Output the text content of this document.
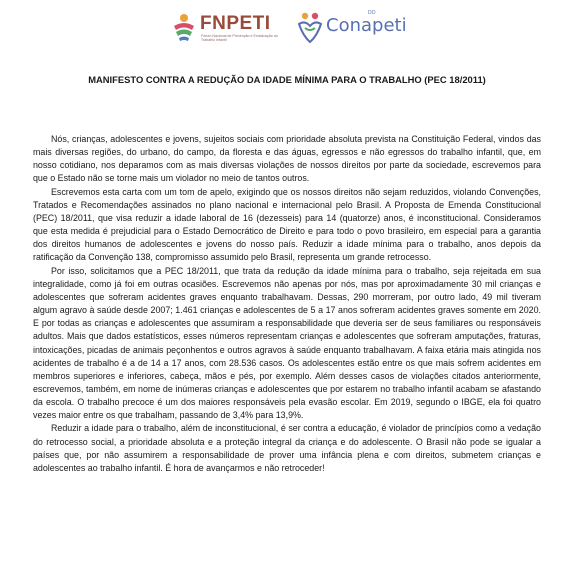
FNPETI
Fórum Nacional de Prevenção e Erradicação do Trabalho Infantil
DO
Conapeti
MANIFESTO CONTRA A REDUÇÃO DA IDADE MÍNIMA PARA O TRABALHO (PEC 18/2011)

Nós, crianças, adolescentes e jovens, sujeitos sociais com prioridade absoluta prevista na Constituição Federal, vindos das mais diversas regiões, do urbano, do campo, da floresta e das águas, egressos e não egressos do trabalho infantil, que, em nosso cotidiano, nos deparamos com as mais diversas violações de nossos direitos por parte da sociedade, escrevemos para que o Estado não se torne mais um violador no meio de tantos outros.

Escrevemos esta carta com um tom de apelo, exigindo que os nossos direitos não sejam reduzidos, violando Convenções, Tratados e Recomendações assinados no plano nacional e internacional pelo Brasil. A Proposta de Emenda Constitucional (PEC) 18/2011, que visa reduzir a idade laboral de 16 (dezesseis) para 14 (quatorze) anos, é inconstitucional. Consideramos que esta medida é prejudicial para o Estado Democrático de Direito e para todo o povo brasileiro, em especial para a garantia dos direitos humanos de adolescentes e jovens do nosso país. Reduzir a idade mínima para o trabalho, anos depois da ratificação da Convenção 138, compromisso assumido pelo Brasil, representa um grande retrocesso.

Por isso, solicitamos que a PEC 18/2011, que trata da redução da idade mínima para o trabalho, seja rejeitada em sua integralidade, como já foi em outras ocasiões. Escrevemos não apenas por nós, mas por aproximadamente 30 mil crianças e adolescentes que sofreram acidentes graves enquanto trabalhavam. Dessas, 290 morreram, por outro lado, 49 mil tiveram algum agravo à saúde desde 2007; 1.461 crianças e adolescentes de 5 a 17 anos sofreram acidentes graves somente em 2020. E por todas as crianças e adolescentes que assumiram a responsabilidade que deveria ser de seus familiares ou responsáveis adultos. Mais que dados estatísticos, esses números representam crianças e adolescentes que sofreram amputações, fraturas, intoxicações, picadas de animais peçonhentos e outros agravos à saúde enquanto trabalhavam. A faixa etária mais atingida nos acidentes de trabalho é a de 14 a 17 anos, com 28.536 casos. Os adolescentes estão entre os que mais sofrem acidentes em membros superiores e inferiores, cabeça, mãos e pés, por exemplo. Além desses casos de violações citados anteriormente, escrevemos, também, em nome de inúmeras crianças e adolescentes que por estarem no trabalho infantil acabam se afastando da escola. O trabalho precoce é um dos maiores responsáveis pela evasão escolar. Em 2019, segundo o IBGE, ela foi quatro vezes maior entre os que trabalham, passando de 3,4% para 13,9%.

Reduzir a idade para o trabalho, além de inconstitucional, é ser contra a educação, é violador de princípios como a vedação do retrocesso social, a prioridade absoluta e a proteção integral da criança e do adolescente. O Brasil não pode se igualar a países que, por não assumirem a responsabilidade de prover uma infância plena e com direitos, submetem crianças e adolescentes ao trabalho infantil. É hora de avançarmos e não retroceder!
